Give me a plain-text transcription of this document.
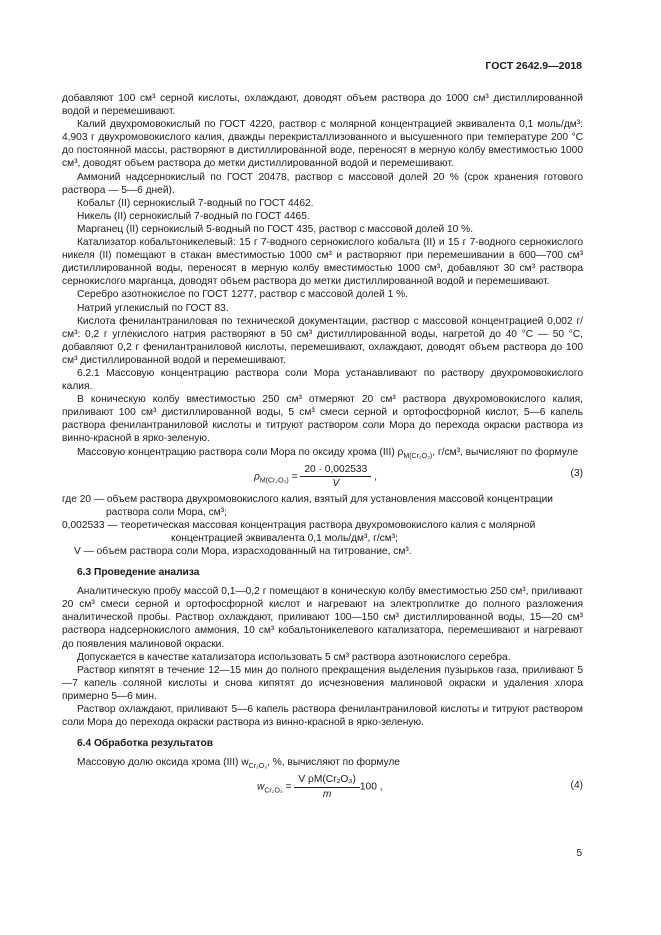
ГОСТ 2642.9—2018

добавляют 100 см³ серной кислоты, охлаждают, доводят объем раствора до 1000 см³ дистиллированной водой и перемешивают.

Калий двухромовокислый по ГОСТ 4220, раствор с молярной концентрацией эквивалента 0,1 моль/дм³: 4,903 г двухромовокислого калия, дважды перекристаллизованного и высушенного при температуре 200 °С до постоянной массы, растворяют в дистиллированной воде, переносят в мерную колбу вместимостью 1000 см³, доводят объем раствора до метки дистиллированной водой и перемешивают.

Аммоний надсернокислый по ГОСТ 20478, раствор с массовой долей 20 % (срок хранения готового раствора — 5—6 дней).

Кобальт (II) сернокислый 7-водный по ГОСТ 4462.

Никель (II) сернокислый 7-водный по ГОСТ 4465.

Марганец (II) сернокислый 5-водный по ГОСТ 435, раствор с массовой долей 10 %.

Катализатор кобальтоникелевый: 15 г 7-водного сернокислого кобальта (II) и 15 г 7-водного сернокислого никеля (II) помещают в стакан вместимостью 1000 см³ и растворяют при перемешивании в 600—700 см³ дистиллированной воды, переносят в мерную колбу вместимостью 1000 см³, добавляют 30 см³ раствора сернокислого марганца, доводят объем раствора до метки дистиллированной водой и перемешивают.

Серебро азотнокислое по ГОСТ 1277, раствор с массовой долей 1 %.

Натрий углекислый по ГОСТ 83.

Кислота фенилантраниловая по технической документации, раствор с массовой концентрацией 0,002 г/см³: 0,2 г углекислого натрия растворяют в 50 см³ дистиллированной воды, нагретой до 40 °С — 50 °С, добавляют 0,2 г фенилантраниловой кислоты, перемешивают, охлаждают, доводят объем раствора до 100 см³ дистиллированной водой и перемешивают.

6.2.1 Массовую концентрацию раствора соли Мора устанавливают по раствору двухромовокислого калия.

В коническую колбу вместимостью 250 см³ отмеряют 20 см³ раствора двухромовокислого калия, приливают 100 см³ дистиллированной воды, 5 см³ смеси серной и ортофосфорной кислот, 5—6 капель раствора фенилантраниловой кислоты и титруют раствором соли Мора до перехода окраски раствора из винно-красной в ярко-зеленую.

Массовую концентрацию раствора соли Мора по оксиду хрома (III) $\rho_{M(Cr_2O_3)}$, г/см³, вычисляют по формуле

$\rho_{M(Cr_2O_3)} = \frac{20 \cdot 0,002533}{V}$ ,	(3)

где 20 — объем раствора двухромовокислого калия, взятый для установления массовой концентрации раствора соли Мора, см³;

0,002533 — теоретическая массовая концентрация раствора двухромовокислого калия с молярной концентрацией эквивалента 0,1 моль/дм³, г/см³;

V — объем раствора соли Мора, израсходованный на титрование, см³.

6.3 Проведение анализа

Аналитическую пробу массой 0,1—0,2 г помещают в коническую колбу вместимостью 250 см³, приливают 20 см³ смеси серной и ортофосфорной кислот и нагревают на электроплитке до полного разложения аналитической пробы. Раствор охлаждают, приливают 100—150 см³ дистиллированной воды, 15—20 см³ раствора надсернокислого аммония, 10 см³ кобальтоникелевого катализатора, перемешивают и нагревают до появления малиновой окраски.

Допускается в качестве катализатора использовать 5 см³ раствора азотнокислого серебра.

Раствор кипятят в течение 12—15 мин до полного прекращения выделения пузырьков газа, приливают 5—7 капель соляной кислоты и снова кипятят до исчезновения малиновой окраски и удаления хлора примерно 5—6 мин.

Раствор охлаждают, приливают 5—6 капель раствора фенилантраниловой кислоты и титруют раствором соли Мора до перехода окраски раствора из винно-красной в ярко-зеленую.

6.4 Обработка результатов

Массовую долю оксида хрома (III) $w_{Cr_2O_3}$, %, вычисляют по формуле

$w_{Cr_2O_3} = \frac{\text{V ρM(Cr₂O₃)}}{m} 100$ ,	(4)
5
